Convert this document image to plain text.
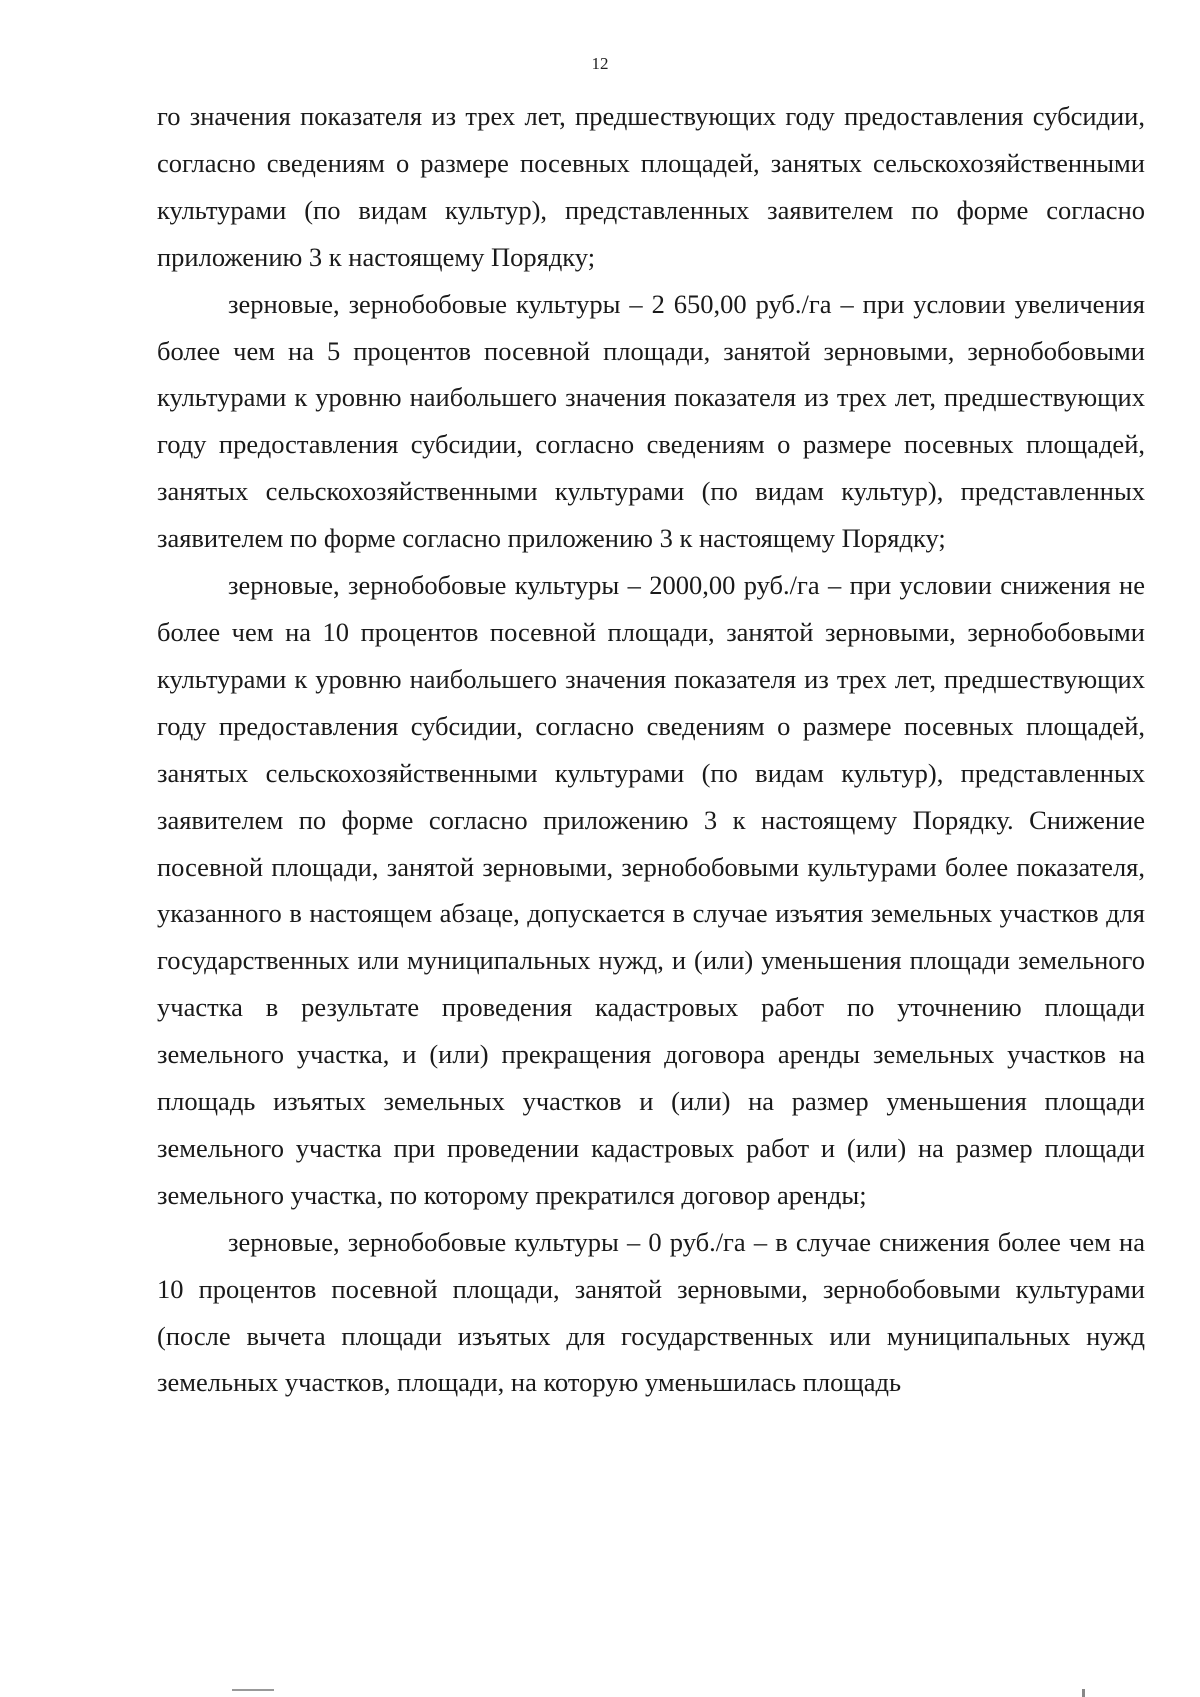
12

го значения показателя из трех лет, предшествующих году предоставления субсидии, согласно сведениям о размере посевных площадей, занятых сельскохозяйственными культурами (по видам культур), представленных заявителем по форме согласно приложению 3 к настоящему Порядку;

зерновые, зернобобовые культуры – 2 650,00 руб./га – при условии увеличения более чем на 5 процентов посевной площади, занятой зерновыми, зернобобовыми культурами к уровню наибольшего значения показателя из трех лет, предшествующих году предоставления субсидии, согласно сведениям о размере посевных площадей, занятых сельскохозяйственными культурами (по видам культур), представленных заявителем по форме согласно приложению 3 к настоящему Порядку;

зерновые, зернобобовые культуры – 2000,00 руб./га – при условии снижения не более чем на 10 процентов посевной площади, занятой зерновыми, зернобобовыми культурами к уровню наибольшего значения показателя из трех лет, предшествующих году предоставления субсидии, согласно сведениям о размере посевных площадей, занятых сельскохозяйственными культурами (по видам культур), представленных заявителем по форме согласно приложению 3 к настоящему Порядку. Снижение посевной площади, занятой зерновыми, зернобобовыми культурами более показателя, указанного в настоящем абзаце, допускается в случае изъятия земельных участков для государственных или муниципальных нужд, и (или) уменьшения площади земельного участка в результате проведения кадастровых работ по уточнению площади земельного участка, и (или) прекращения договора аренды земельных участков на площадь изъятых земельных участков и (или) на размер уменьшения площади земельного участка при проведении кадастровых работ и (или) на размер площади земельного участка, по которому прекратился договор аренды;

зерновые, зернобобовые культуры – 0 руб./га – в случае снижения более чем на 10 процентов посевной площади, занятой зерновыми, зернобобовыми культурами (после вычета площади изъятых для государственных или муниципальных нужд земельных участков, площади, на которую уменьшилась площадь
